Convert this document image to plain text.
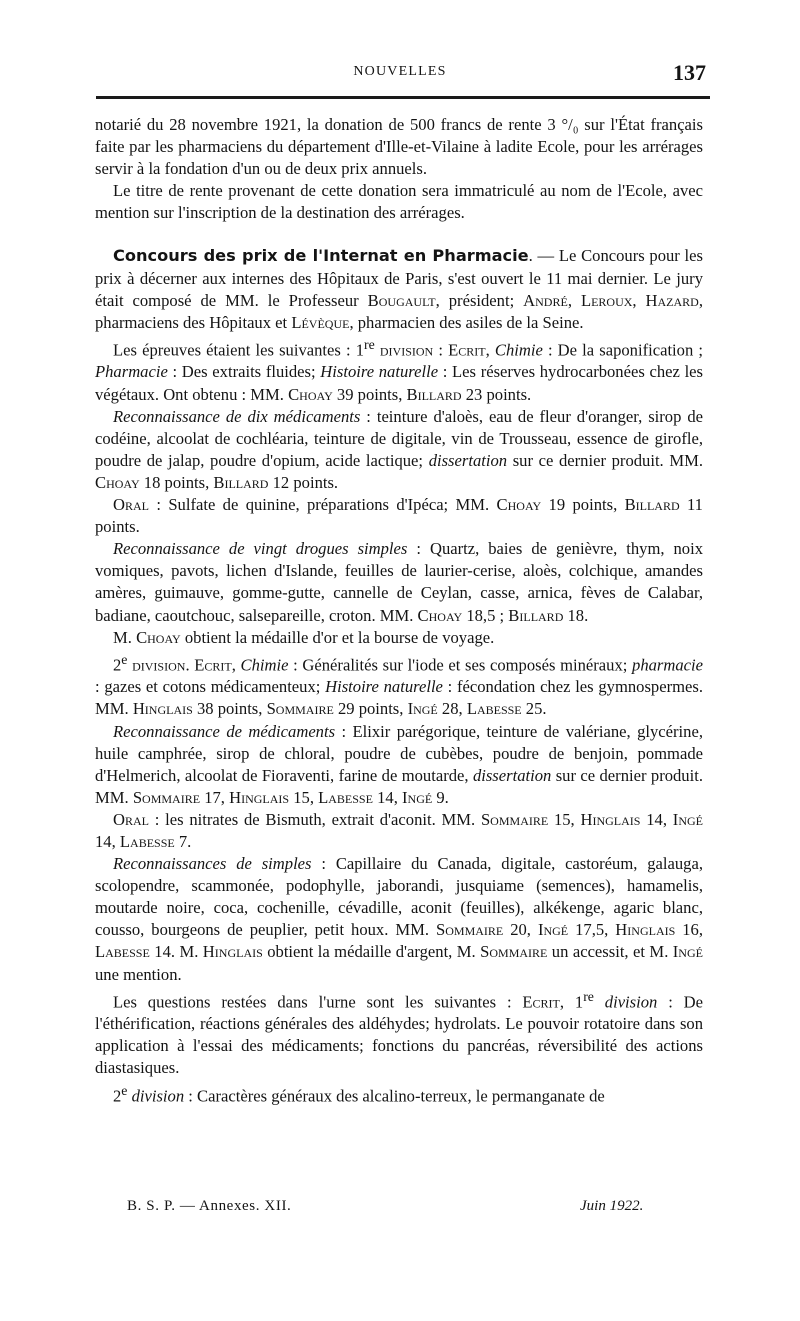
NOUVELLES	137

notarié du 28 novembre 1921, la donation de 500 francs de rente 3 °/₀ sur l'État français faite par les pharmaciens du département d'Ille-et-Vilaine à ladite Ecole, pour les arrérages servir à la fondation d'un ou de deux prix annuels.

Le titre de rente provenant de cette donation sera immatriculé au nom de l'Ecole, avec mention sur l'inscription de la destination des arrérages.

Concours des prix de l'Internat en Pharmacie. — Le Concours pour les prix à décerner aux internes des Hôpitaux de Paris, s'est ouvert le 11 mai dernier. Le jury était composé de MM. le Professeur Bougault, président; André, Leroux, Hazard, pharmaciens des Hôpitaux et Lévèque, pharmacien des asiles de la Seine.

Les épreuves étaient les suivantes : 1re division : Ecrit, Chimie : De la saponification ; Pharmacie : Des extraits fluides; Histoire naturelle : Les réserves hydrocarbonées chez les végétaux. Ont obtenu : MM. Choay 39 points, Billard 23 points.

Reconnaissance de dix médicaments : teinture d'aloès, eau de fleur d'oranger, sirop de codéine, alcoolat de cochléaria, teinture de digitale, vin de Trousseau, essence de girofle, poudre de jalap, poudre d'opium, acide lactique; dissertation sur ce dernier produit. MM. Choay 18 points, Billard 12 points.

Oral : Sulfate de quinine, préparations d'Ipéca; MM. Choay 19 points, Billard 11 points.

Reconnaissance de vingt drogues simples : Quartz, baies de genièvre, thym, noix vomiques, pavots, lichen d'Islande, feuilles de laurier-cerise, aloès, colchique, amandes amères, guimauve, gomme-gutte, cannelle de Ceylan, casse, arnica, fèves de Calabar, badiane, caoutchouc, salsepareille, croton. MM. Choay 18,5 ; Billard 18.

M. Choay obtient la médaille d'or et la bourse de voyage.

2e division. Ecrit, Chimie : Généralités sur l'iode et ses composés minéraux; pharmacie : gazes et cotons médicamenteux; Histoire naturelle : fécondation chez les gymnospermes. MM. Hinglais 38 points, Sommaire 29 points, Ingé 28, Labesse 25.

Reconnaissance de médicaments : Elixir parégorique, teinture de valériane, glycérine, huile camphrée, sirop de chloral, poudre de cubèbes, poudre de benjoin, pommade d'Helmerich, alcoolat de Fioraventi, farine de moutarde, dissertation sur ce dernier produit. MM. Sommaire 17, Hinglais 15, Labesse 14, Ingé 9.

Oral : les nitrates de Bismuth, extrait d'aconit. MM. Sommaire 15, Hinglais 14, Ingé 14, Labesse 7.

Reconnaissances de simples : Capillaire du Canada, digitale, castoréum, galauga, scolopendre, scammonée, podophylle, jaborandi, jusquiame (semences), hamamelis, moutarde noire, coca, cochenille, cévadille, aconit (feuilles), alkékenge, agaric blanc, cousso, bourgeons de peuplier, petit houx. MM. Sommaire 20, Ingé 17,5, Hinglais 16, Labesse 14. M. Hinglais obtient la médaille d'argent, M. Sommaire un accessit, et M. Ingé une mention.

Les questions restées dans l'urne sont les suivantes : Ecrit, 1re division : De l'éthérification, réactions générales des aldéhydes; hydrolats. Le pouvoir rotatoire dans son application à l'essai des médicaments; fonctions du pancréas, réversibilité des actions diastasiques.

2e division : Caractères généraux des alcalino-terreux, le permanganate de

B. S. P. — Annexes. XII.	Juin 1922.
